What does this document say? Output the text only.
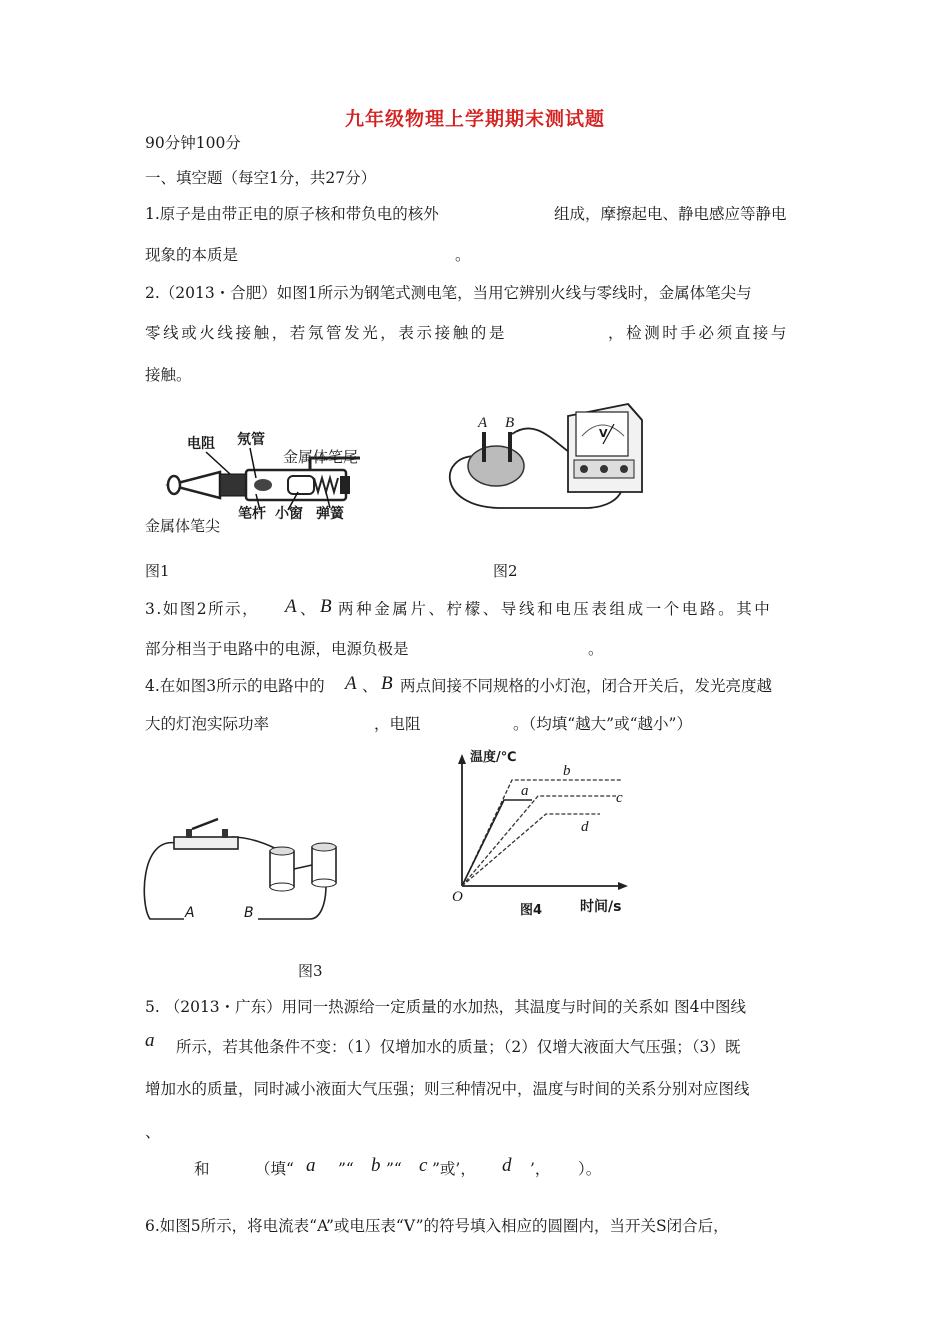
九年级物理上学期期末测试题
90分钟100分
一、填空题（每空1分，共27分）
1.原子是由带正电的原子核和带负电的核外	组成，摩擦起电、静电感应等静电
现象的本质是	。
2.（2013・合肥）如图1所示为钢笔式测电笔，当用它辨别火线与零线时，金属体笔尖与
零线或火线接触，若氖管发光，表示接触的是	，检测时手必须直接与
接触。
电阻 氖管
金属体笔尾
笔杆 小窗 弹簧
金属体笔尖
图1
A B
V
图2
3.如图2所示， A 、 B 两种金属片、柠檬、导线和电压表组成一个电路。其中
部分相当于电路中的电源，电源负极是	。
4.在如图3所示的电路中的 A 、 B 两点间接不同规格的小灯泡，闭合开关后，发光亮度越
大的灯泡实际功率	，电阻	。（均填“越大”或“越小”）
A	B
图3
温度/℃
b
a	c
d
O
图4	时间/s
5. （2013・广东）用同一热源给一定质量的水加热，其温度与时间的关系如 图4中图线
a 所示，若其他条件不变：（1）仅增加水的质量；（2）仅增大液面大气压强；（3）既
增加水的质量，同时减小液面大气压强；则三种情况中，温度与时间的关系分别对应图线
、
和	（填“ a ”“ b ”“ c ”或’， d ’， ）。
6.如图5所示，将电流表“A”或电压表“V”的符号填入相应的圆圈内，当开关S闭合后，
